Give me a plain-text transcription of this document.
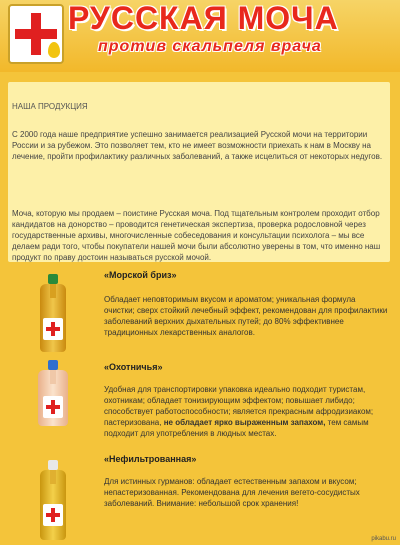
РУССКАЯ МОЧА
против скальпеля врача
НАША ПРОДУКЦИЯ
С 2000 года наше предприятие успешно занимается реализацией Русской мочи на территории России и за рубежом. Это позволяет тем, кто не имеет возможности приехать к нам в Москву на лечение, пройти профилактику различных заболеваний, а также исцелиться от некоторых недугов.
Моча, которую мы продаем – поистине Русская моча. Под тщательным контролем проходит отбор кандидатов на донорство – проводится генетическая экспертиза, проверка родословной через государственные архивы, многочисленные собеседования и консультации психолога – мы все делаем ради того, чтобы покупатели нашей мочи были абсолютно уверены в том, что именно наш продукт по праву достоин называться русской мочой.
«Морской бриз»
Обладает неповторимым вкусом и ароматом; уникальная формула очистки; сверх стойкий лечебный эффект, рекомендован для профилактики заболеваний верхних дыхательных путей; до 80% эффективнее традиционных лекарственных аналогов.
«Охотничья»
Удобная для транспортировки упаковка идеально подходит туристам, охотникам; обладает тонизирующим эффектом; повышает либидо; способствует работоспособности; является прекрасным афродизиаком; пастеризована, не обладает ярко выраженным запахом, тем самым подходит для употребления в людных местах.
«Нефильтрованная»
Для истинных гурманов: обладает естественным запахом и вкусом; непастеризованная. Рекомендована для лечения вегето-сосудистых заболеваний. Внимание: небольшой срок хранения!
pikabu.ru
